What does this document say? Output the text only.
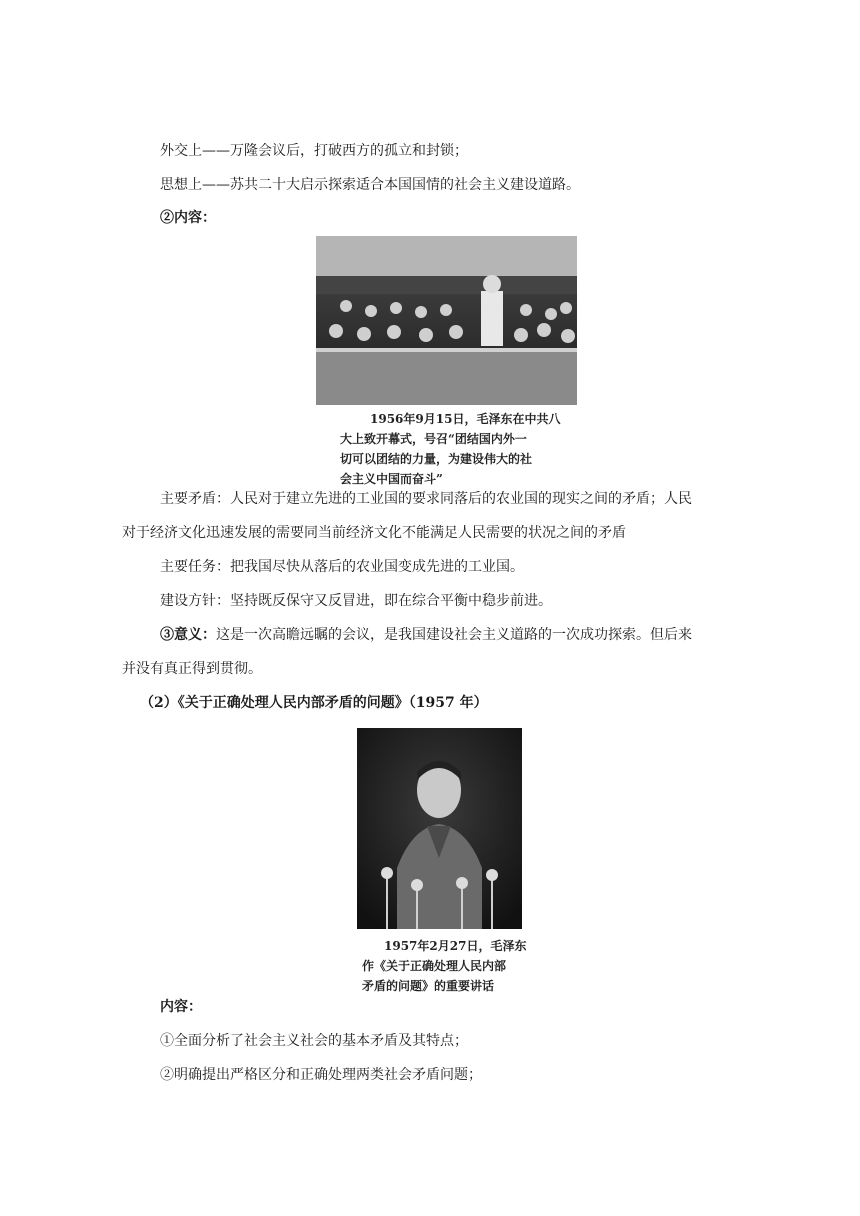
外交上——万隆会议后，打破西方的孤立和封锁；
思想上——苏共二十大启示探索适合本国国情的社会主义建设道路。
②内容：
1956年9月15日，毛泽东在中共八
大上致开幕式，号召“团结国内外一
切可以团结的力量，为建设伟大的社
会主义中国而奋斗”
主要矛盾：人民对于建立先进的工业国的要求同落后的农业国的现实之间的矛盾；人民
对于经济文化迅速发展的需要同当前经济文化不能满足人民需要的状况之间的矛盾
主要任务：把我国尽快从落后的农业国变成先进的工业国。
建设方针：坚持既反保守又反冒进，即在综合平衡中稳步前进。
③意义：这是一次高瞻远瞩的会议，是我国建设社会主义道路的一次成功探索。但后来
并没有真正得到贯彻。
（2）《关于正确处理人民内部矛盾的问题》（1957 年）
1957年2月27日，毛泽东
作《关于正确处理人民内部
矛盾的问题》的重要讲话
内容：
①全面分析了社会主义社会的基本矛盾及其特点；
②明确提出严格区分和正确处理两类社会矛盾问题；
